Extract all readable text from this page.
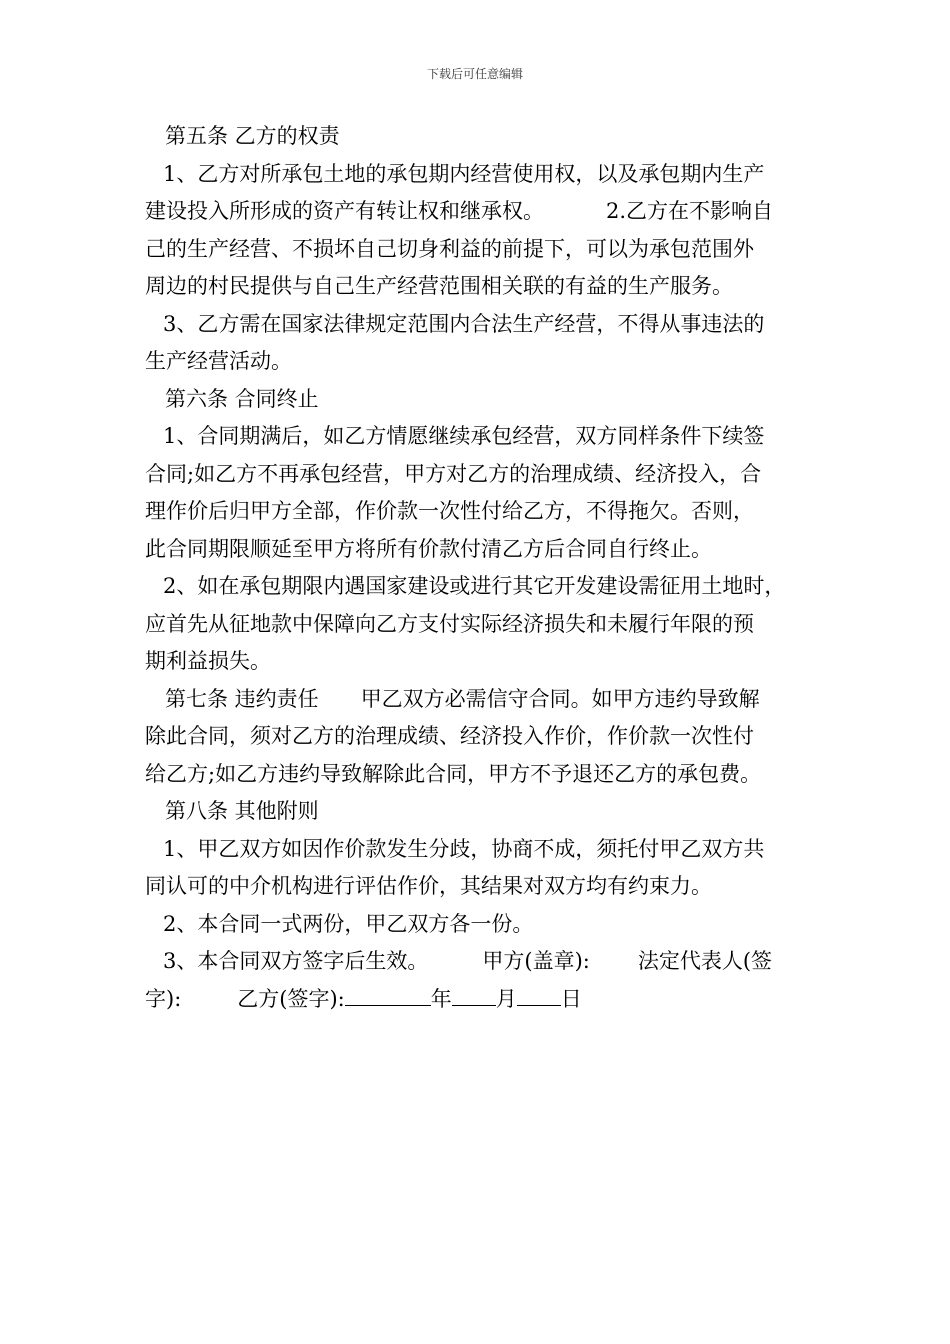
下载后可任意编辑
第五条 乙方的权责
1、乙方对所承包土地的承包期内经营使用权，以及承包期内生产
建设投入所形成的资产有转让权和继承权。	2.乙方在不影响自
己的生产经营、不损坏自己切身利益的前提下，可以为承包范围外
周边的村民提供与自己生产经营范围相关联的有益的生产服务。
3、乙方需在国家法律规定范围内合法生产经营，不得从事违法的
生产经营活动。
第六条 合同终止
1、合同期满后，如乙方情愿继续承包经营，双方同样条件下续签
合同;如乙方不再承包经营，甲方对乙方的治理成绩、经济投入，合
理作价后归甲方全部，作价款一次性付给乙方，不得拖欠。否则，
此合同期限顺延至甲方将所有价款付清乙方后合同自行终止。
2、如在承包期限内遇国家建设或进行其它开发建设需征用土地时，
应首先从征地款中保障向乙方支付实际经济损失和未履行年限的预
期利益损失。
第七条 违约责任 甲乙双方必需信守合同。如甲方违约导致解
除此合同，须对乙方的治理成绩、经济投入作价，作价款一次性付
给乙方;如乙方违约导致解除此合同，甲方不予退还乙方的承包费。
第八条 其他附则
1、甲乙双方如因作价款发生分歧，协商不成，须托付甲乙双方共
同认可的中介机构进行评估作价，其结果对双方均有约束力。
2、本合同一式两份，甲乙双方各一份。
3、本合同双方签字后生效。	甲方(盖章): 法定代表人(签
字):	乙方(签字):	年 月 日
